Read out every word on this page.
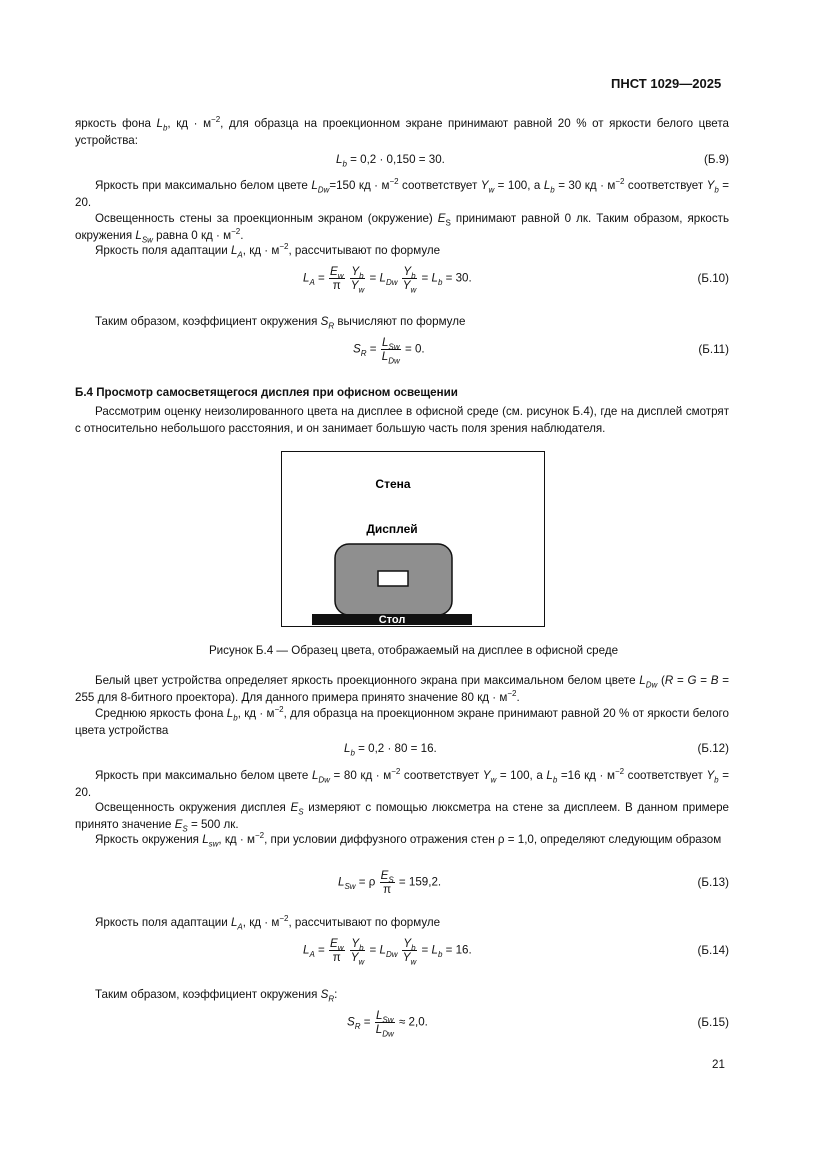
ПНСТ 1029—2025

яркость фона $L_b$, кд · $м^{-2}$, для образца на проекционном экране принимают равной 20 % от яркости белого цвета устройства:

$L_b = 0,2 \cdot 0,150 = 30$.	(Б.9)

Яркость при максимально белом цвете $L_{Dw}=150$ кд · $м^{-2}$ соответствует $Y_w = 100$, а $L_b = 30$ кд · $м^{-2}$ соответствует $Y_b = 20$.

Освещенность стены за проекционным экраном (окружение) $E_S$ принимают равной 0 лк. Таким образом, яркость окружения $L_{Sw}$ равна 0 кд · $м^{-2}$.

Яркость поля адаптации $L_A$, кд · $м^{-2}$, рассчитывают по формуле

$L_A = \frac{E_w}{\pi}$
$\frac{Y_b}{Y_w} = L_{Dw} \frac{Y_b}{Y_w} = L_b = 30$.	(Б.10)

Таким образом, коэффициент окружения $S_R$ вычисляют по формуле

$S_R = \frac{L_{Sw}}{L_{Dw}} = 0$.	(Б.11)

Б.4 Просмотр самосветящегося дисплея при офисном освещении

Рассмотрим оценку неизолированного цвета на дисплее в офисной среде (см. рисунок Б.4), где на дисплей смотрят с относительно небольшого расстояния, и он занимает большую часть поля зрения наблюдателя.

Стена
Дисплей
Стол
Рисунок Б.4 — Образец цвета, отображаемый на дисплее в офисной среде

Белый цвет устройства определяет яркость проекционного экрана при максимальном белом цвете $L_{Dw}$ (R = G = B = 255 для 8-битного проектора). Для данного примера принято значение 80 кд · $м^{-2}$.

Среднюю яркость фона $L_b$, кд · $м^{-2}$, для образца на проекционном экране принимают равной 20 % от яркости белого цвета устройства

$L_b = 0,2 \cdot 80 = 16$.	(Б.12)

Яркость при максимально белом цвете $L_{Dw} = 80$ кд · $м^{-2}$ соответствует $Y_w = 100$, а $L_b =16$ кд · $м^{-2}$ соответствует $Y_b = 20$.

Освещенность окружения дисплея $E_S$ измеряют с помощью люксметра на стене за дисплеем. В данном примере принято значение $E_S = 500$ лк.

Яркость окружения $L_{sw}$, кд · $м^{-2}$, при условии диффузного отражения стен ρ = 1,0, определяют следующим образом

$L_{Sw} = \rho \frac{E_S}{\pi} = 159,2$.	(Б.13)

Яркость поля адаптации $L_A$, кд · $м^{-2}$, рассчитывают по формуле

$L_A = \frac{E_w}{\pi}$
$\frac{Y_b}{Y_w} = L_{Dw} \frac{Y_b}{Y_w} = L_b = 16$.	(Б.14)

Таким образом, коэффициент окружения $S_R$:

$S_R = \frac{L_{Sw}}{L_{Dw}} \approx 2,0$.	(Б.15)
21
